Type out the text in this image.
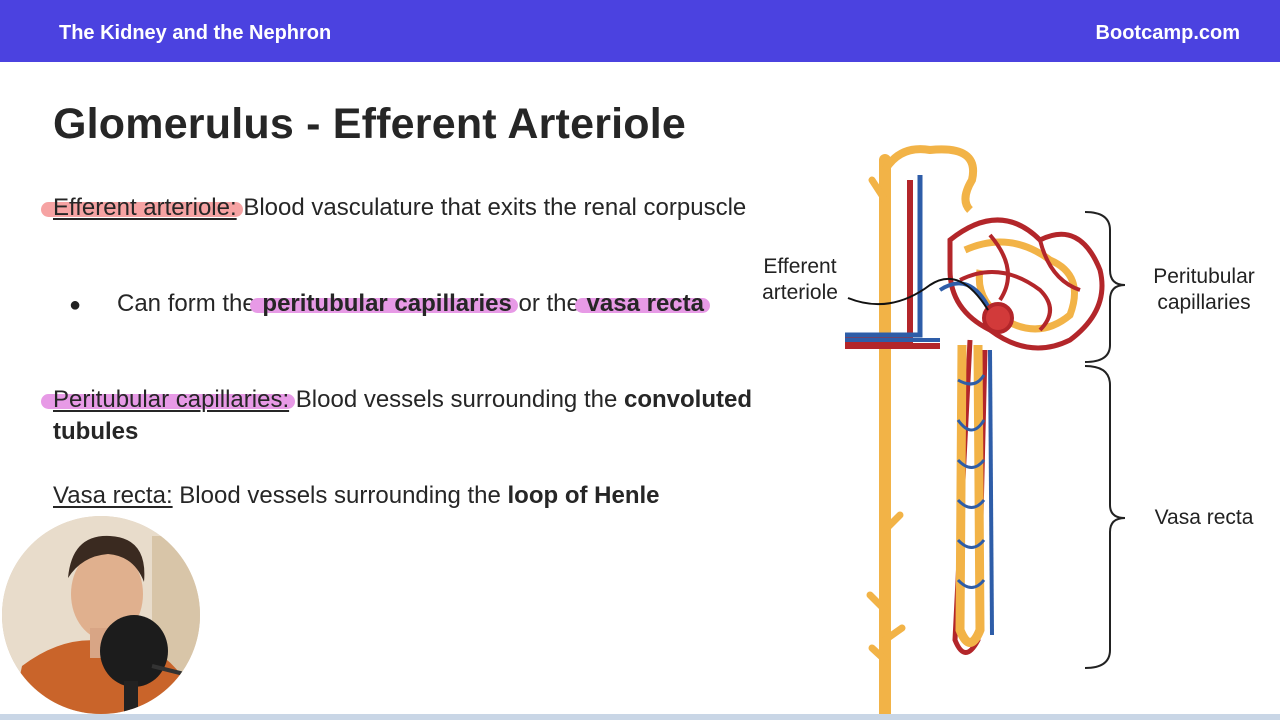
The Kidney and the Nephron	Bootcamp.com
Glomerulus - Efferent Arteriole
Efferent arteriole: Blood vasculature that exits the renal corpuscle
● Can form the peritubular capillaries or the vasa recta
Peritubular capillaries: Blood vessels surrounding the convoluted tubules
Vasa recta: Blood vessels surrounding the loop of Henle
Efferent
arteriole
Peritubular
capillaries
Vasa recta
